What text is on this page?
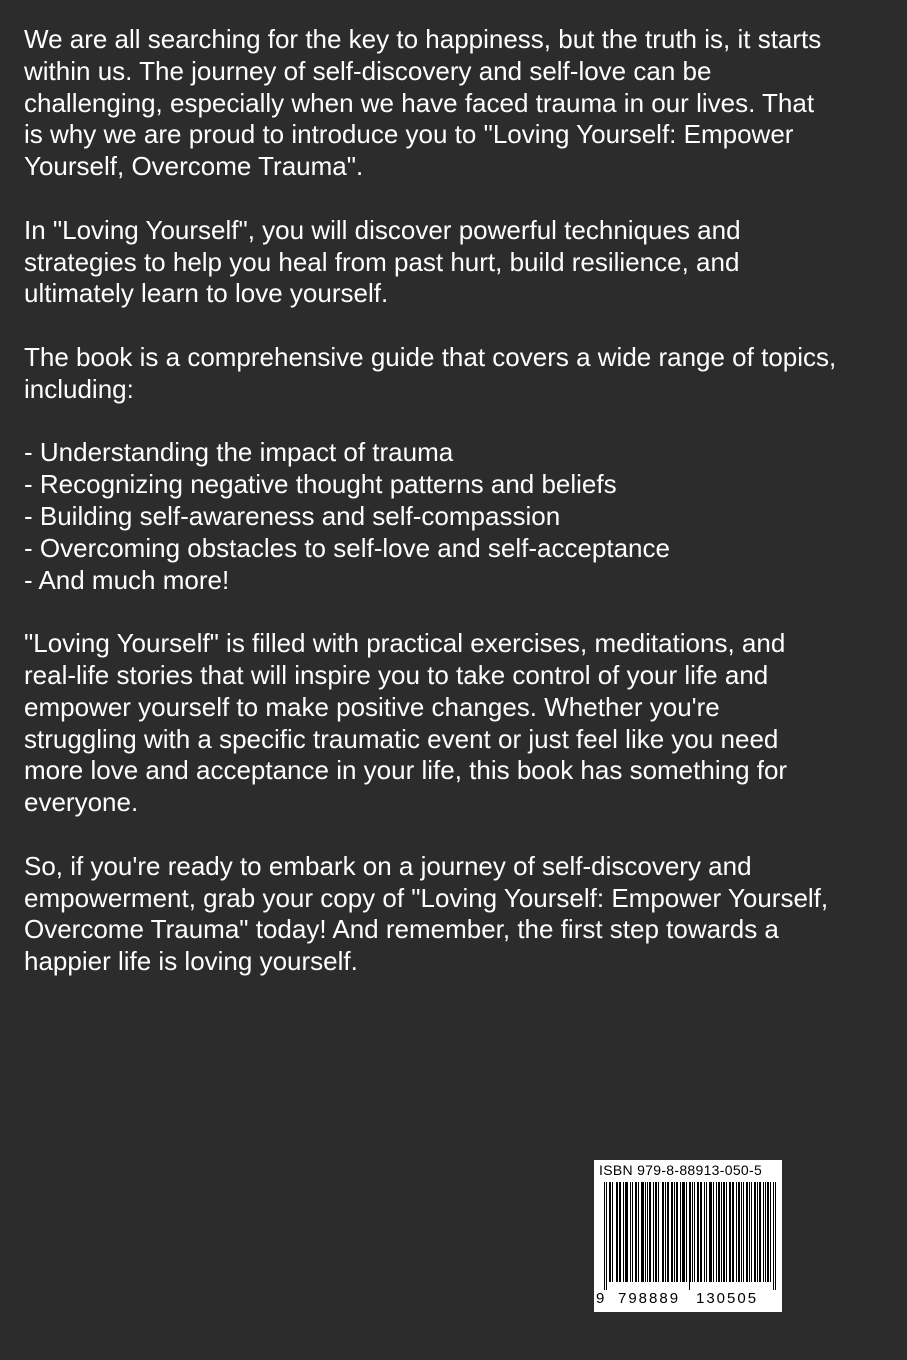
We are all searching for the key to happiness, but the truth is, it starts
within us. The journey of self-discovery and self-love can be
challenging, especially when we have faced trauma in our lives. That
is why we are proud to introduce you to "Loving Yourself: Empower
Yourself, Overcome Trauma".
In "Loving Yourself", you will discover powerful techniques and
strategies to help you heal from past hurt, build resilience, and
ultimately learn to love yourself.
The book is a comprehensive guide that covers a wide range of topics,
including:
- Understanding the impact of trauma
- Recognizing negative thought patterns and beliefs
- Building self-awareness and self-compassion
- Overcoming obstacles to self-love and self-acceptance
- And much more!
"Loving Yourself" is filled with practical exercises, meditations, and
real-life stories that will inspire you to take control of your life and
empower yourself to make positive changes. Whether you're
struggling with a specific traumatic event or just feel like you need
more love and acceptance in your life, this book has something for
everyone.
So, if you're ready to embark on a journey of self-discovery and
empowerment, grab your copy of "Loving Yourself: Empower Yourself,
Overcome Trauma" today! And remember, the first step towards a
happier life is loving yourself.
ISBN 979-8-88913-050-5
9 798889 130505
